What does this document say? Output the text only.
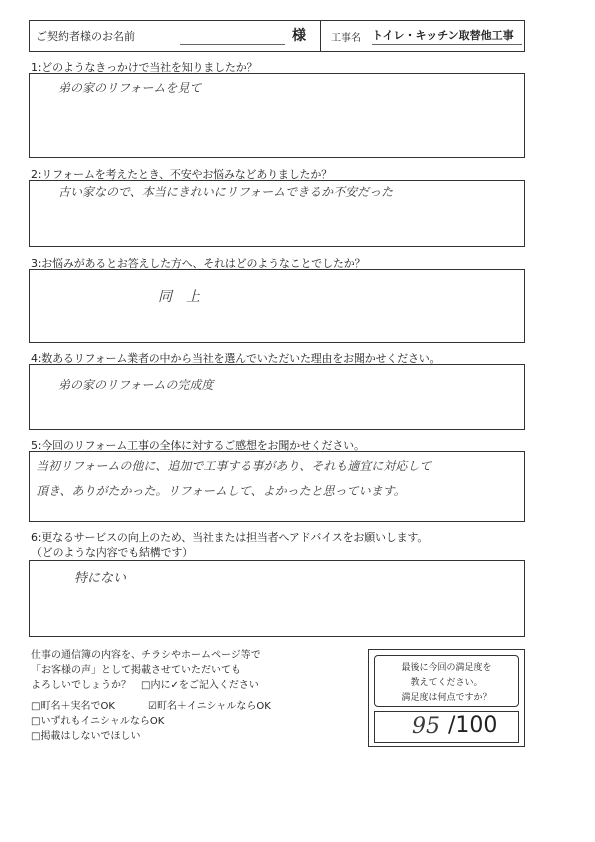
ご契約者様のお名前	様	工事名 トイレ・キッチン取替他工事
1:どのようなきっかけで当社を知りましたか？
弟の家のリフォームを見て
2:リフォームを考えたとき、不安やお悩みなどありましたか？
古い家なので、本当にきれいにリフォームできるか不安だった
3:お悩みがあるとお答えした方へ、それはどのようなことでしたか？
同　上
4:数あるリフォーム業者の中から当社を選んでいただいた理由をお聞かせください。
弟の家のリフォームの完成度
5:今回のリフォーム工事の全体に対するご感想をお聞かせください。
当初リフォームの他に、追加で工事する事があり、それも適宜に対応して
頂き、ありがたかった。リフォームして、よかったと思っています。
6:更なるサービスの向上のため、当社または担当者へアドバイスをお願いします。
（どのような内容でも結構です）
特にない
仕事の通信簿の内容を、チラシやホームページ等で
「お客様の声」として掲載させていただいても
よろしいでしょうか？　□内に✓をご記入ください
□町名＋実名でOK	☑町名＋イニシャルならOK
□いずれもイニシャルならOK
□掲載はしないでほしい
最後に今回の満足度を
教えてください。
満足度は何点ですか？
95 /100
